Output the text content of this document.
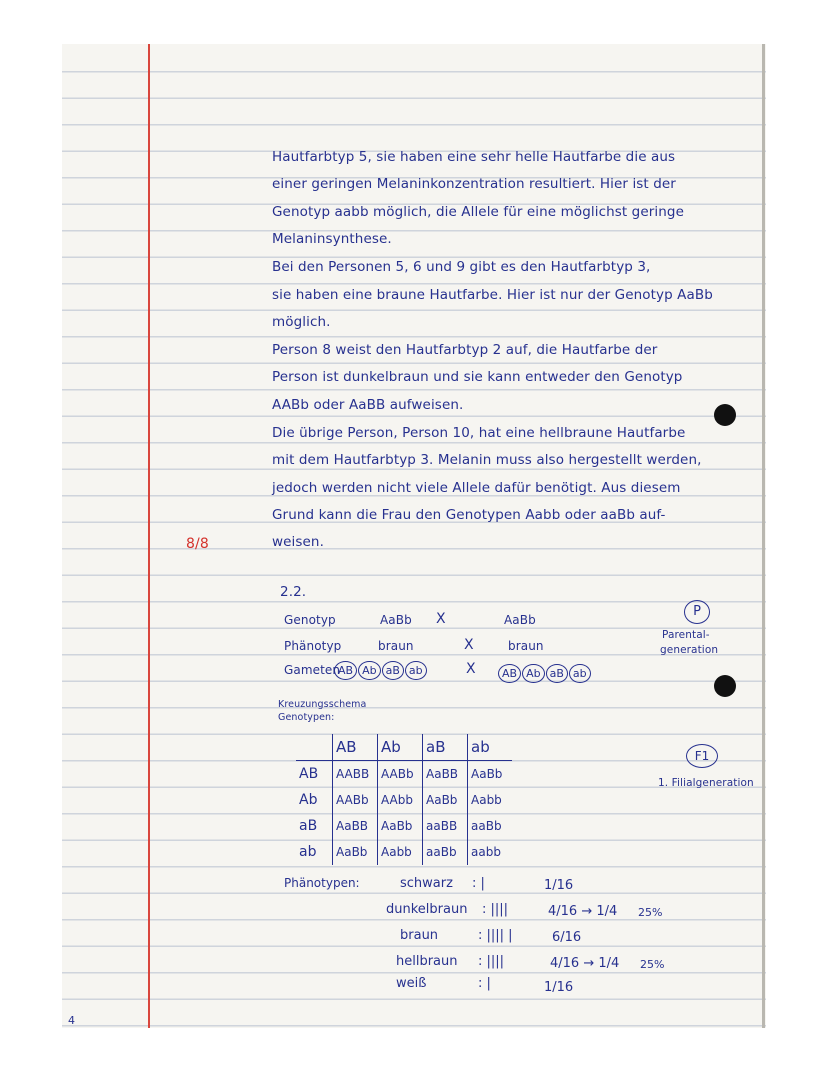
Hautfarbtyp 5, sie haben eine sehr helle Hautfarbe die aus
einer geringen Melaninkonzentration resultiert. Hier ist der
Genotyp aabb möglich, die Allele für eine möglichst geringe
Melaninsynthese.
Bei den Personen 5, 6 und 9 gibt es den Hautfarbtyp 3,
sie haben eine braune Hautfarbe. Hier ist nur der Genotyp AaBb
möglich.
Person 8 weist den Hautfarbtyp 2 auf, die Hautfarbe der
Person ist dunkelbraun und sie kann entweder den Genotyp
AABb oder AaBB aufweisen.
Die übrige Person, Person 10, hat eine hellbraune Hautfarbe
mit dem Hautfarbtyp 3. Melanin muss also hergestellt werden,
jedoch werden nicht viele Allele dafür benötigt. Aus diesem
Grund kann die Frau den Genotypen Aabb oder aaBb auf-
weisen.
8/8
2.2.
Genotyp	AaBb X	AaBb
Phänotyp	braun	X	braun
Gameten
AB Ab aB ab	X	AB Ab aB ab
P
Parental-
generation
Kreuzungsschema
Genotypen:
	AB	Ab	aB	ab
AB	AABB	AABb	AaBB	AaBb
Ab	AABb	AAbb	AaBb	Aabb
aB	AaBB	AaBb	aaBB	aaBb
ab	AaBb	Aabb	aaBb	aabb
F1
1. Filialgeneration
Phänotypen:	schwarz : |	1/16
dunkelbraun : ||||	4/16 → 1/4 25%
braun	: |||| |	6/16
hellbraun : ||||	4/16 → 1/4 25%
weiß	: |	1/16
4
